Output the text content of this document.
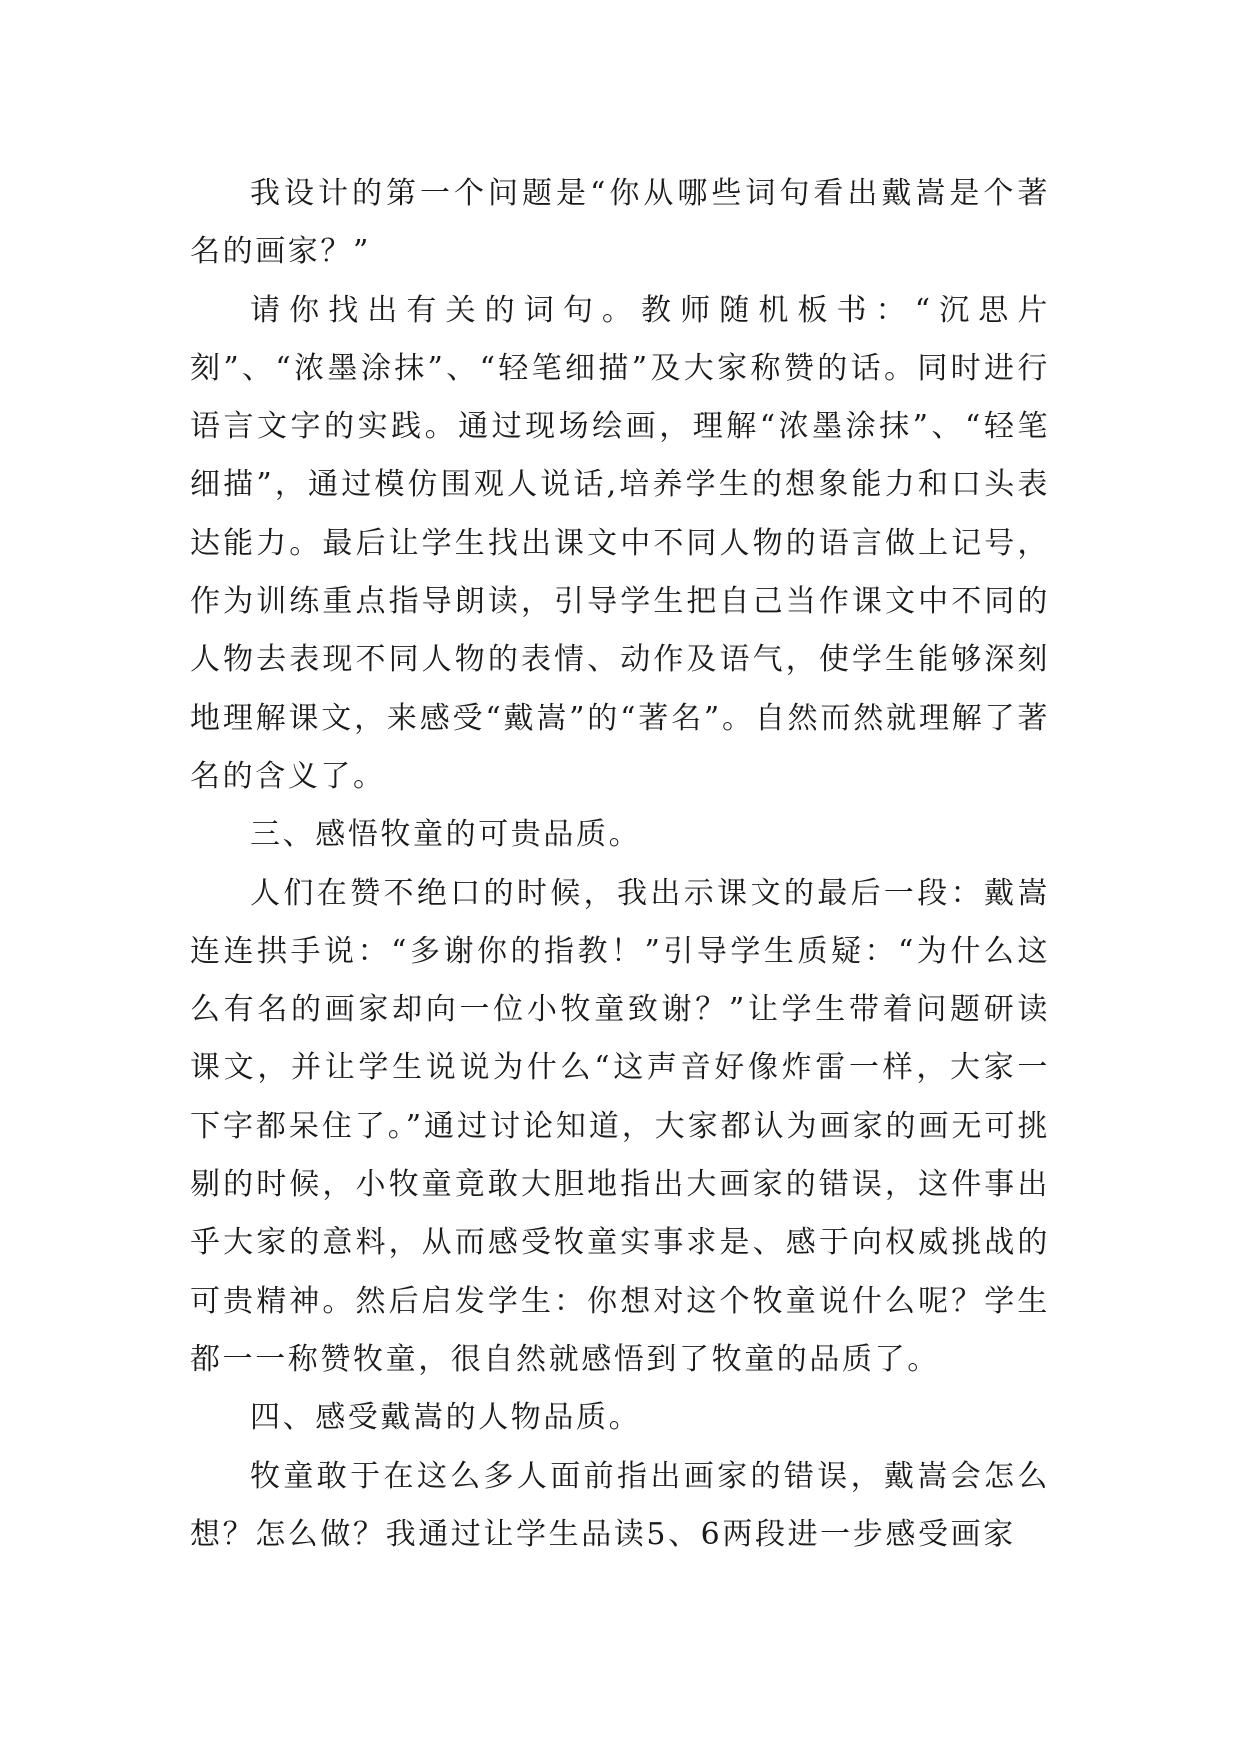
我设计的第一个问题是“你从哪些词句看出戴嵩是个著名的画家？”

请你找出有关的词句。教师随机板书：“沉思片刻”、“浓墨涂抹”、“轻笔细描”及大家称赞的话。同时进行语言文字的实践。通过现场绘画，理解“浓墨涂抹”、“轻笔细描”，通过模仿围观人说话,培养学生的想象能力和口头表达能力。最后让学生找出课文中不同人物的语言做上记号，作为训练重点指导朗读，引导学生把自己当作课文中不同的人物去表现不同人物的表情、动作及语气，使学生能够深刻地理解课文，来感受“戴嵩”的“著名”。自然而然就理解了著名的含义了。

三、感悟牧童的可贵品质。

人们在赞不绝口的时候，我出示课文的最后一段：戴嵩连连拱手说：“多谢你的指教！”引导学生质疑：“为什么这么有名的画家却向一位小牧童致谢？”让学生带着问题研读课文，并让学生说说为什么“这声音好像炸雷一样，大家一下字都呆住了。”通过讨论知道，大家都认为画家的画无可挑剔的时候，小牧童竟敢大胆地指出大画家的错误，这件事出乎大家的意料，从而感受牧童实事求是、感于向权威挑战的可贵精神。然后启发学生：你想对这个牧童说什么呢？学生都一一称赞牧童，很自然就感悟到了牧童的品质了。

四、感受戴嵩的人物品质。

牧童敢于在这么多人面前指出画家的错误，戴嵩会怎么想？怎么做？我通过让学生品读5、6两段进一步感受画家
